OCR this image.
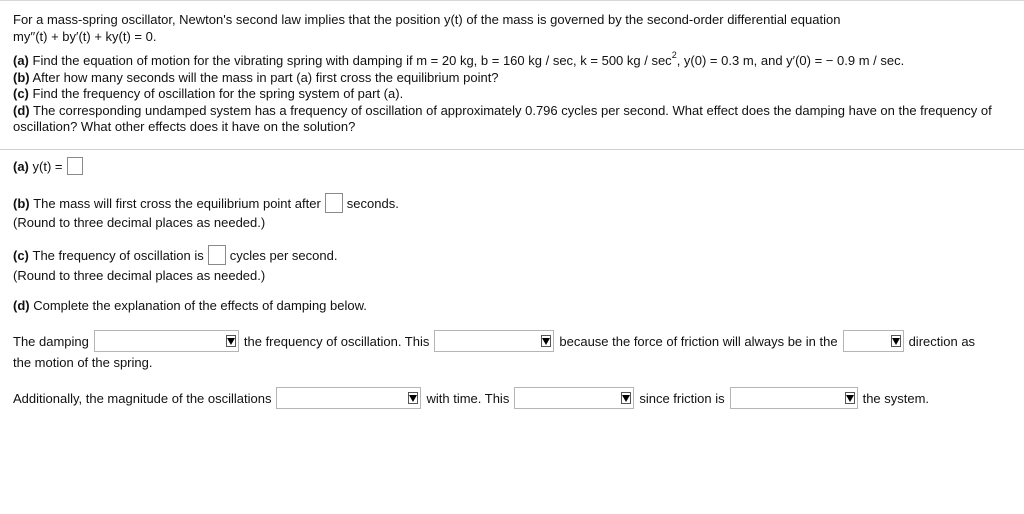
For a mass-spring oscillator, Newton's second law implies that the position y(t) of the mass is governed by the second-order differential equation

my′′(t) + by′(t) + ky(t) = 0.

(a) Find the equation of motion for the vibrating spring with damping if m = 20 kg, b = 160 kg / sec, k = 500 kg / $\sec^2$, y(0) = 0.3 m, and y′(0) = − 0.9 m / sec.

(b) After how many seconds will the mass in part (a) first cross the equilibrium point?

(c) Find the frequency of oscillation for the spring system of part (a).

(d) The corresponding undamped system has a frequency of oscillation of approximately 0.796 cycles per second. What effect does the damping have on the frequency of oscillation? What other effects does it have on the solution?

(a)
y(t) =
(b)
The mass will first cross the equilibrium point after seconds.
(Round to three decimal places as needed.)
(c)
The frequency of oscillation is cycles per second.
(Round to three decimal places as needed.)
(d)
Complete the explanation of the effects of damping below.
The damping	the frequency of oscillation. This	because the force of friction will always be in the	direction as
the motion of the spring.
Additionally, the magnitude of the oscillations	with time. This	since friction is	the system.
